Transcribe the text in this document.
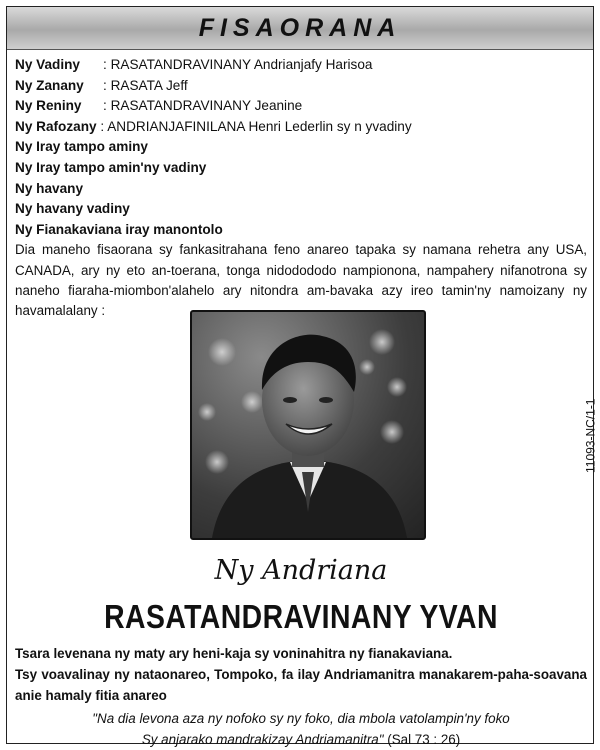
FISAORANA
Ny Vadiny : RASATANDRAVINANY Andrianjafy Harisoa
Ny Zanany : RASATA Jeff
Ny Reniny : RASATANDRAVINANY Jeanine
Ny Rafozany : ANDRIANJAFINILANA Henri Lederlin sy n yvadiny
Ny Iray tampo aminy
Ny Iray tampo amin'ny vadiny
Ny havany
Ny havany vadiny
Ny Fianakaviana iray manontolo
Dia maneho fisaorana sy fankasitrahana feno anareo tapaka sy namana rehetra any USA, CANADA, ary ny eto an-toerana, tonga nidodododo nampionona, nampahery nifanotrona sy naneho fiaraha-miombon'alahelo ary nitondra am-bavaka azy ireo tamin'ny namoizany ny havamalalany :
11093-NC/1-1
Ny Andriana
RASATANDRAVINANY YVAN

Tsara levenana ny maty ary heni-kaja sy voninahitra ny fianakaviana.

Tsy voavalinay ny nataonareo, Tompoko, fa ilay Andriamanitra manakarem-paha-soavana anie hamaly fitia anareo

"Na dia levona aza ny nofoko sy ny foko, dia mbola vatolampin'ny foko
Sy anjarako mandrakizay Andriamanitra" (Sal 73 : 26)
